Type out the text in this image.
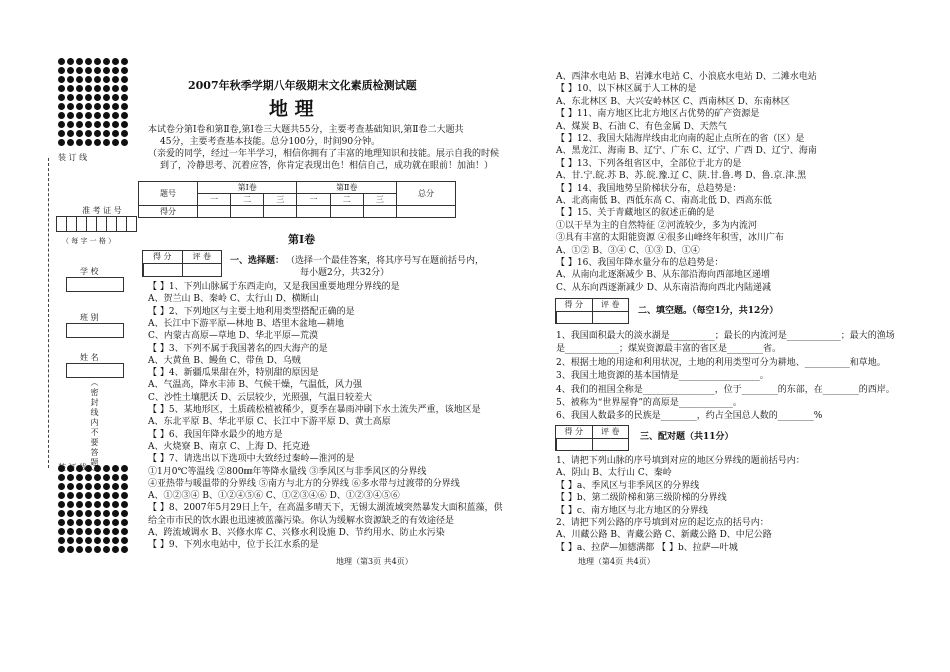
装 订 线
装 订 线
准 考 证 号
（ 每 字 一 格 ）
学 校
班 别
姓 名
（密封线内不要答题）
2007年秋季学期八年级期末文化素质检测试题
地 理
本试卷分第Ⅰ卷和第Ⅱ卷,第Ⅰ卷三大题共55分，主要考查基础知识,第Ⅱ卷二大题共
45分，主要考查基本技能。总分100分，时间90分钟。
（亲爱的同学，经过一年半学习，相信你拥有了丰富的地理知识和技能。展示自我的时候
到了，冷静思考、沉着应答，你肯定表现出色！相信自己，成功就在眼前！加油！）
题号	第Ⅰ卷			第Ⅱ卷			总分
	一	二	三	一	二	三	
得分							
第Ⅰ卷
得 分	评 卷	一、选择题： （选择一个最佳答案，将其序号写在题前括号内，
每小题2分，共32分）
【 】1、下列山脉属于东西走向，又是我国重要地理分界线的是
A、贺兰山 B、秦岭 C、太行山 D、横断山
【 】2、下列地区与主要土地利用类型搭配正确的是
A、长江中下游平原—林地 B、塔里木盆地—耕地
C、内蒙古高原—草地 D、华北平原—荒漠
【 】3、下列不属于我国著名的四大海产的是
A、大黄鱼 B、鳗鱼 C、带鱼 D、乌贼
【 】4、新疆瓜果甜在外，特别甜的原因是
A、气温高，降水丰沛 B、气候干燥，气温低，风力强
C、沙性土壤肥沃 D、云层较少，光照强，气温日较差大
【 】5、某地形区，土质疏松植被稀少，夏季在暴雨冲刷下水土流失严重，该地区是
A、东北平原 B、华北平原 C、长江中下游平原 D、黄土高原
【 】6、我国年降水最少的地方是
A、火烧寮 B、南京 C、上海 D、托克逊
【 】7、请选出以下选项中大致经过秦岭—淮河的是
①1月0℃等温线 ②800㎜年等降水量线 ③季风区与非季风区的分界线
④亚热带与暖温带的分界线 ⑤南方与北方的分界线 ⑥多水带与过渡带的分界线
A、①②③④ B、①②④⑤⑥ C、①②③④⑥ D、①②③④⑤⑥
【 】8、2007年5月29日上午，在高温多晴天下，无锡太湖流域突然暴发大面积蓝藻，供
给全市市民的饮水跟也迅速被蓝藻污染。你认为缓解水资源缺乏的有效途径是
A、跨流域调水 B、兴修水库 C、兴修水利设施 D、节约用水、防止水污染
【 】9、下列水电站中，位于长江水系的是
地理（第3页 共4页）
A、西津水电站 B、岩滩水电站 C、小浪底水电站 D、二滩水电站
【 】10、以下林区属于人工林的是
A、东北林区 B、大兴安岭林区 C、西南林区 D、东南林区
【 】11、南方地区比北方地区占优势的矿产资源是
A、煤炭 B、石油 C、有色金属 D、天然气
【 】12、我国大陆海岸线由北向南的起止点所在的省（区）是
A、黑龙江、海南 B、辽宁、广东 C、辽宁、广西 D、辽宁、海南
【 】13、下列各组省区中，全部位于北方的是
A、甘.宁.皖.苏 B、苏.皖.豫.辽 C、陕.甘.鲁.粤 D、鲁.京.津.黑
【 】14、我国地势呈阶梯状分布，总趋势是：
A、北高南低 B、西低东高 C、南高北低 D、西高东低
【 】15、关于青藏地区的叙述正确的是
①以干旱为主的自然特征 ②河流较少，多为内流河
③具有丰富的太阳能资源 ④很多山峰终年积雪，冰川广布
A、①② B、③④ C、①③ D、①④
【 】16、我国年降水量分布的总趋势是：
A、从南向北逐渐减少 B、从东部沿海向西部地区递增
C、从东向西逐渐减少 D、从东南沿海向西北内陆递减
得 分	评 卷
二、填空题。（每空1分，共12分）
1、我国面积最大的淡水湖是__________；最长的内流河是____________；最大的渔场
是____________；煤炭资源最丰富的省区是________省。
2、根据土地的用途和利用状况，土地的利用类型可分为耕地、__________和草地。
3、我国土地资源的基本国情是__________________。
4、我们的祖国全称是________________，位于________的东部，在________的西岸。
5、被称为“世界屋脊”的高原是____________。
6、我国人数最多的民族是________，约占全国总人数的________%
得 分	评 卷
三、配对题（共11分）
1、请把下列山脉的序号填到对应的地区分界线的题前括号内：
A、阴山 B、太行山 C、秦岭
【 】a、季风区与非季风区的分界线
【 】b、第二级阶梯和第三级阶梯的分界线
【 】c、南方地区与北方地区的分界线
2、请把下列公路的序号填到对应的起讫点的括号内：
A、川藏公路 B、青藏公路 C、新藏公路 D、中尼公路
【 】a、拉萨—加德满都 【 】b、拉萨—叶城
地理（第4页 共4页）
